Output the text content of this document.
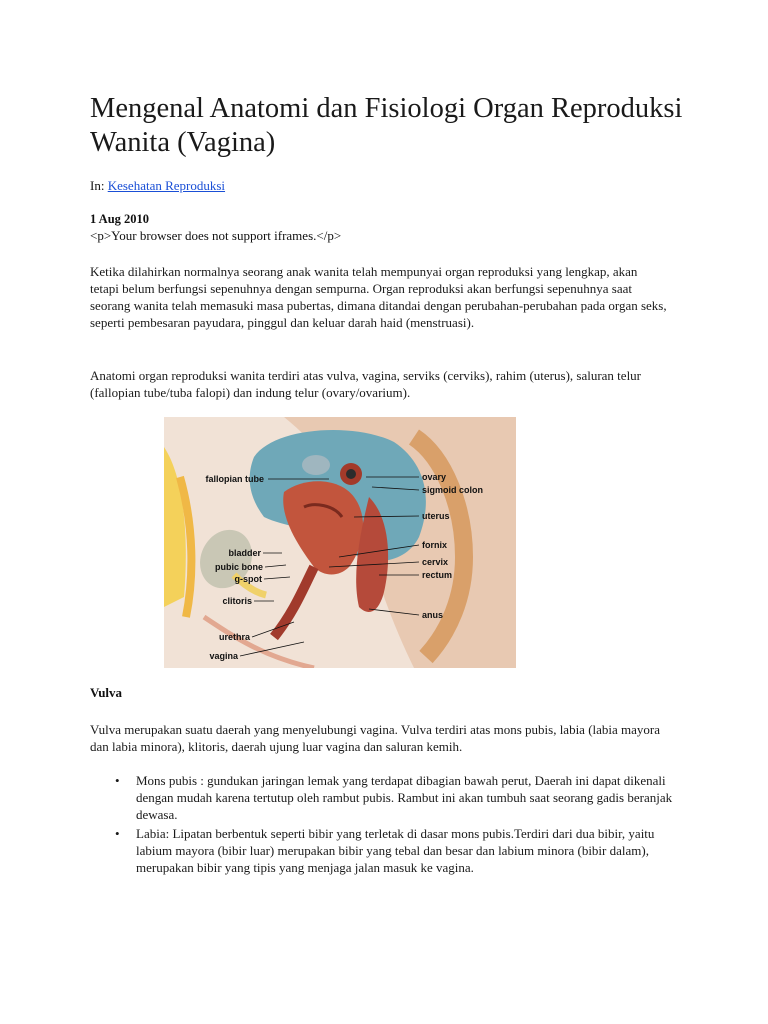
Mengenal Anatomi dan Fisiologi Organ Reproduksi Wanita (Vagina)
In: Kesehatan Reproduksi
1 Aug 2010
<p>Your browser does not support iframes.</p>

Ketika dilahirkan normalnya seorang anak wanita telah mempunyai organ reproduksi yang lengkap, akan tetapi belum berfungsi sepenuhnya dengan sempurna. Organ reproduksi akan berfungsi sepenuhnya saat seorang wanita telah memasuki masa pubertas, dimana ditandai dengan perubahan-perubahan pada organ seks, seperti pembesaran payudara, pinggul dan keluar darah haid (menstruasi).

Anatomi organ reproduksi wanita terdiri atas vulva, vagina, serviks (cerviks), rahim (uterus), saluran telur (fallopian tube/tuba falopi) dan indung telur (ovary/ovarium).

fallopian tube
bladder
pubic bone
g-spot
clitoris
urethra
vagina
ovary
sigmoid colon
uterus
fornix
cervix
rectum
anus
Vulva

Vulva merupakan suatu daerah yang menyelubungi vagina. Vulva terdiri atas mons pubis, labia (labia mayora dan labia minora), klitoris, daerah ujung luar vagina dan saluran kemih.

• Mons pubis : gundukan jaringan lemak yang terdapat dibagian bawah perut, Daerah ini dapat dikenali dengan mudah karena tertutup oleh rambut pubis. Rambut ini akan tumbuh saat seorang gadis beranjak dewasa.
• Labia: Lipatan berbentuk seperti bibir yang terletak di dasar mons pubis.Terdiri dari dua bibir, yaitu labium mayora (bibir luar) merupakan bibir yang tebal dan besar dan labium minora (bibir dalam), merupakan bibir yang tipis yang menjaga jalan masuk ke vagina.
